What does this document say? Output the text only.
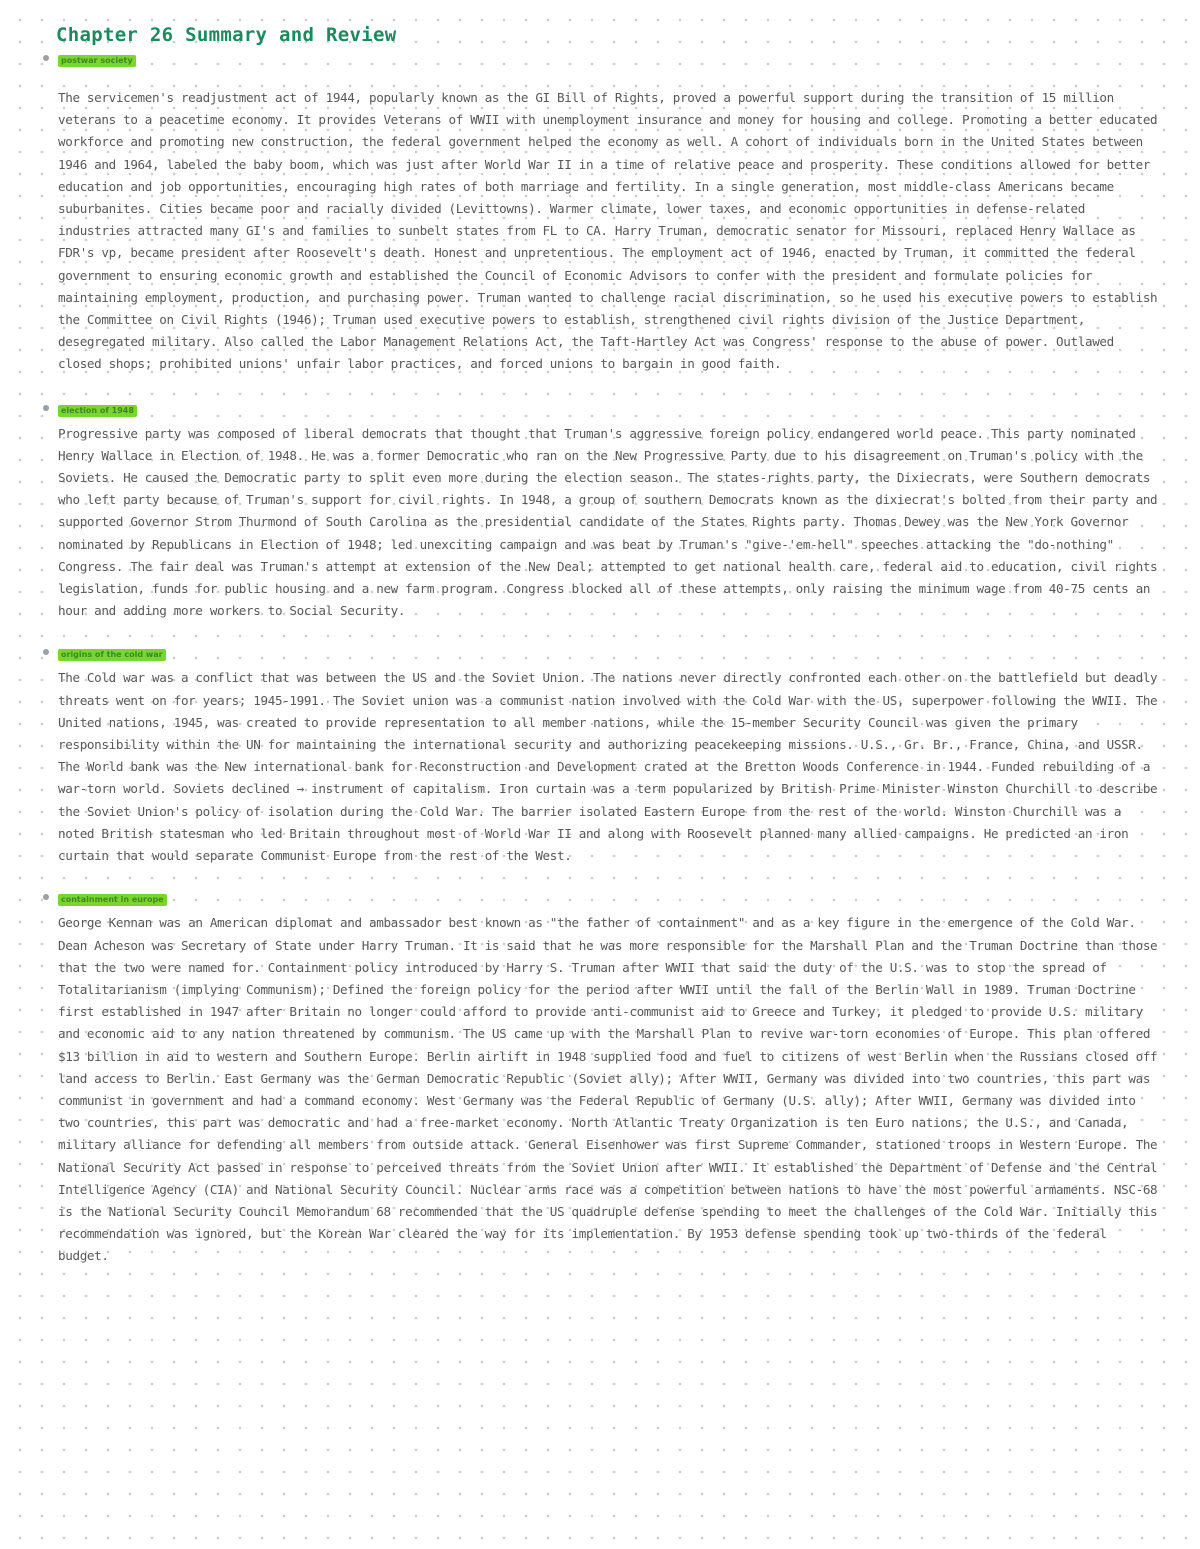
Chapter 26 Summary and Review
postwar society

The servicemen's readjustment act of 1944, popularly known as the GI Bill of Rights, proved a powerful support during the transition of 15 million veterans to a peacetime economy. It provides Veterans of WWII with unemployment insurance and money for housing and college. Promoting a better educated workforce and promoting new construction, the federal government helped the economy as well. A cohort of individuals born in the United States between 1946 and 1964, labeled the baby boom, which was just after World War II in a time of relative peace and prosperity. These conditions allowed for better education and job opportunities, encouraging high rates of both marriage and fertility. In a single generation, most middle-class Americans became suburbanites. Cities became poor and racially divided (Levittowns). Warmer climate, lower taxes, and economic opportunities in defense-related industries attracted many GI's and families to sunbelt states from FL to CA. Harry Truman, democratic senator for Missouri, replaced Henry Wallace as FDR's vp, became president after Roosevelt's death. Honest and unpretentious. The employment act of 1946, enacted by Truman, it committed the federal government to ensuring economic growth and established the Council of Economic Advisors to confer with the president and formulate policies for maintaining employment, production, and purchasing power. Truman wanted to challenge racial discrimination, so he used his executive powers to establish the Committee on Civil Rights (1946); Truman used executive powers to establish, strengthened civil rights division of the Justice Department, desegregated military. Also called the Labor Management Relations Act, the Taft-Hartley Act was Congress' response to the abuse of power. Outlawed closed shops; prohibited unions' unfair labor practices, and forced unions to bargain in good faith.

election of 1948

Progressive party was composed of liberal democrats that thought that Truman's aggressive foreign policy endangered world peace. This party nominated Henry Wallace in Election of 1948. He was a former Democratic who ran on the New Progressive Party due to his disagreement on Truman's policy with the Soviets. He caused the Democratic party to split even more during the election season. The states-rights party, the Dixiecrats, were Southern democrats who left party because of Truman's support for civil rights. In 1948, a group of southern Democrats known as the dixiecrat's bolted from their party and supported Governor Strom Thurmond of South Carolina as the presidential candidate of the States Rights party. Thomas Dewey was the New York Governor nominated by Republicans in Election of 1948; led unexciting campaign and was beat by Truman's "give-'em-hell" speeches attacking the "do-nothing" Congress. The fair deal was Truman's attempt at extension of the New Deal; attempted to get national health care, federal aid to education, civil rights legislation, funds for public housing and a new farm program. Congress blocked all of these attempts, only raising the minimum wage from 40-75 cents an hour and adding more workers to Social Security.

origins of the cold war

The Cold war was a conflict that was between the US and the Soviet Union. The nations never directly confronted each other on the battlefield but deadly threats went on for years; 1945-1991. The Soviet union was a communist nation involved with the Cold War with the US, superpower following the WWII. The United nations, 1945, was created to provide representation to all member nations, while the 15-member Security Council was given the primary responsibility within the UN for maintaining the international security and authorizing peacekeeping missions. U.S., Gr. Br., France, China, and USSR. The World bank was the New international bank for Reconstruction and Development crated at the Bretton Woods Conference in 1944. Funded rebuilding of a war-torn world. Soviets declined → instrument of capitalism. Iron curtain was a term popularized by British Prime Minister Winston Churchill to describe the Soviet Union's policy of isolation during the Cold War. The barrier isolated Eastern Europe from the rest of the world. Winston Churchill was a noted British statesman who led Britain throughout most of World War II and along with Roosevelt planned many allied campaigns. He predicted an iron curtain that would separate Communist Europe from the rest of the West.

containment in europe

George Kennan was an American diplomat and ambassador best known as "the father of containment" and as a key figure in the emergence of the Cold War. Dean Acheson was Secretary of State under Harry Truman. It is said that he was more responsible for the Marshall Plan and the Truman Doctrine than those that the two were named for. Containment policy introduced by Harry S. Truman after WWII that said the duty of the U.S. was to stop the spread of Totalitarianism (implying Communism); Defined the foreign policy for the period after WWII until the fall of the Berlin Wall in 1989. Truman Doctrine first established in 1947 after Britain no longer could afford to provide anti-communist aid to Greece and Turkey, it pledged to provide U.S. military and economic aid to any nation threatened by communism. The US came up with the Marshall Plan to revive war-torn economies of Europe. This plan offered $13 billion in aid to western and Southern Europe. Berlin airlift in 1948 supplied food and fuel to citizens of west Berlin when the Russians closed off land access to Berlin. East Germany was the German Democratic Republic (Soviet ally); After WWII, Germany was divided into two countries, this part was communist in government and had a command economy. West Germany was the Federal Republic of Germany (U.S. ally); After WWII, Germany was divided into two countries, this part was democratic and had a free-market economy. North Atlantic Treaty Organization is ten Euro nations, the U.S., and Canada, military alliance for defending all members from outside attack. General Eisenhower was first Supreme Commander, stationed troops in Western Europe. The National Security Act passed in response to perceived threats from the Soviet Union after WWII. It established the Department of Defense and the Central Intelligence Agency (CIA) and National Security Council. Nuclear arms race was a competition between nations to have the most powerful armaments. NSC-68 is the National Security Council Memorandum 68 recommended that the US quadruple defense spending to meet the challenges of the Cold War. Initially this recommendation was ignored, but the Korean War cleared the way for its implementation. By 1953 defense spending took up two-thirds of the federal budget.
